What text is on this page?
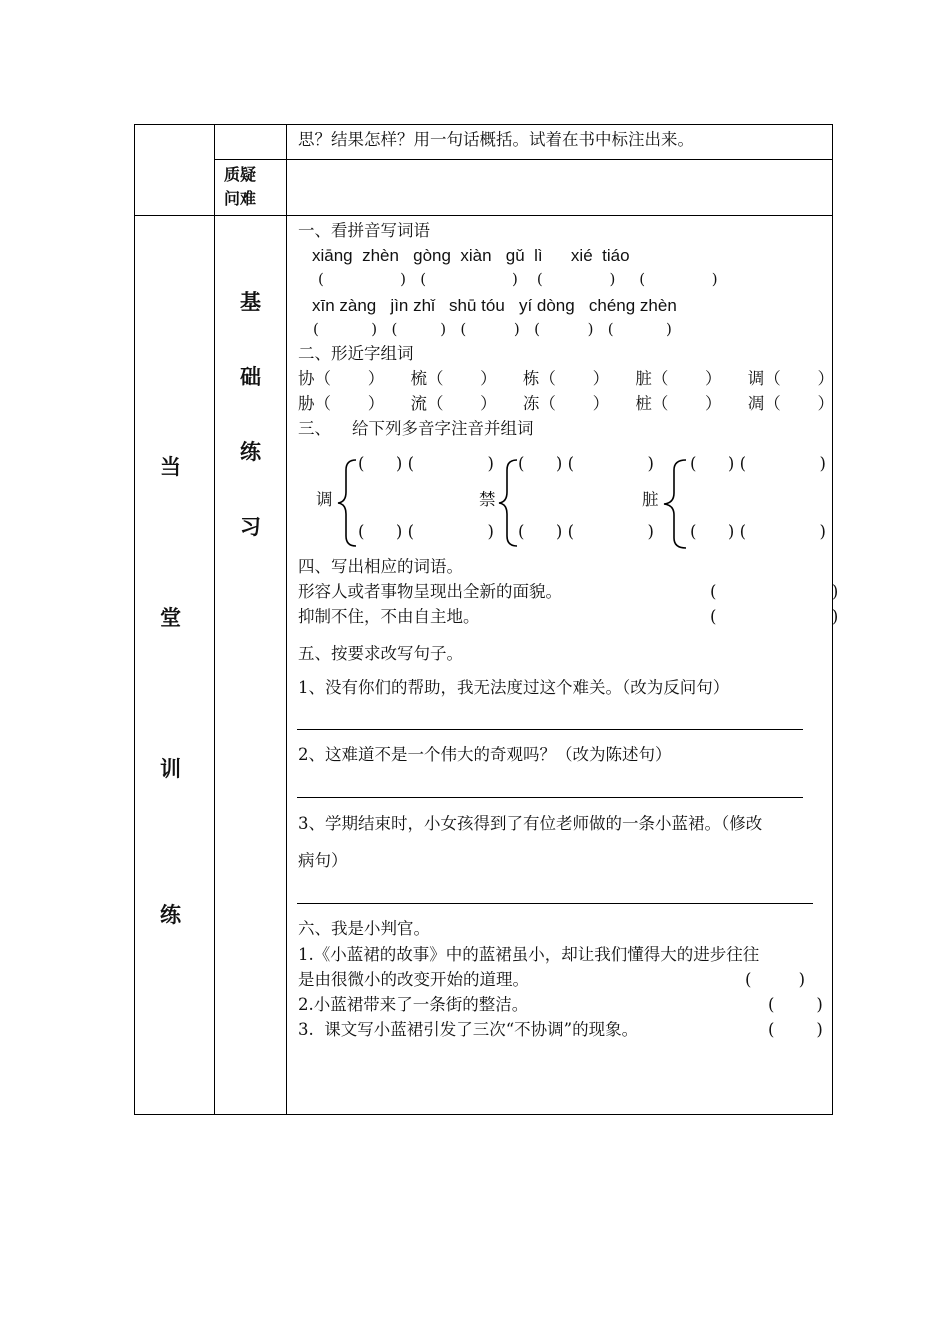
思？结果怎样？用一句话概括。试着在书中标注出来。
质疑
问难
当
堂
训
练
基
础
练
习
一、看拼音写词语
xiāng  zhèn   gòng  xiàn   gǔ  lì      xié  tiáo
(                )   (                  )    (              )     (              )
xīn zàng   jìn zhǐ   shū tóu   yí dòng   chéng zhèn
(           )   (         )   (          )   (          )   (           )
二、形近字组词
协（       ）     梳（       ）     栋（       ）     脏（       ）     调（       ）
胁（       ）     流（       ）     冻（       ）     桩（       ）     凋（       ）
三、    给下列多音字注音并组词
调
(      ) (              )
(      ) (              )
禁
(      ) (              )
(      ) (              )
脏
(      ) (              )
(      ) (              )
四、写出相应的词语。
形容人或者事物呈现出全新的面貌。	(                      )
抑制不住，不由自主地。	(                      )
五、按要求改写句子。
1、没有你们的帮助，我无法度过这个难关。（改为反问句）
2、这难道不是一个伟大的奇观吗？（改为陈述句）
3、学期结束时，小女孩得到了有位老师做的一条小蓝裙。（修改
病句）
六、我是小判官。
1.《小蓝裙的故事》中的蓝裙虽小，却让我们懂得大的进步往往
是由很微小的改变开始的道理。	(         )
2.小蓝裙带来了一条街的整洁。	(        )
3.  课文写小蓝裙引发了三次“不协调”的现象。	(        )
